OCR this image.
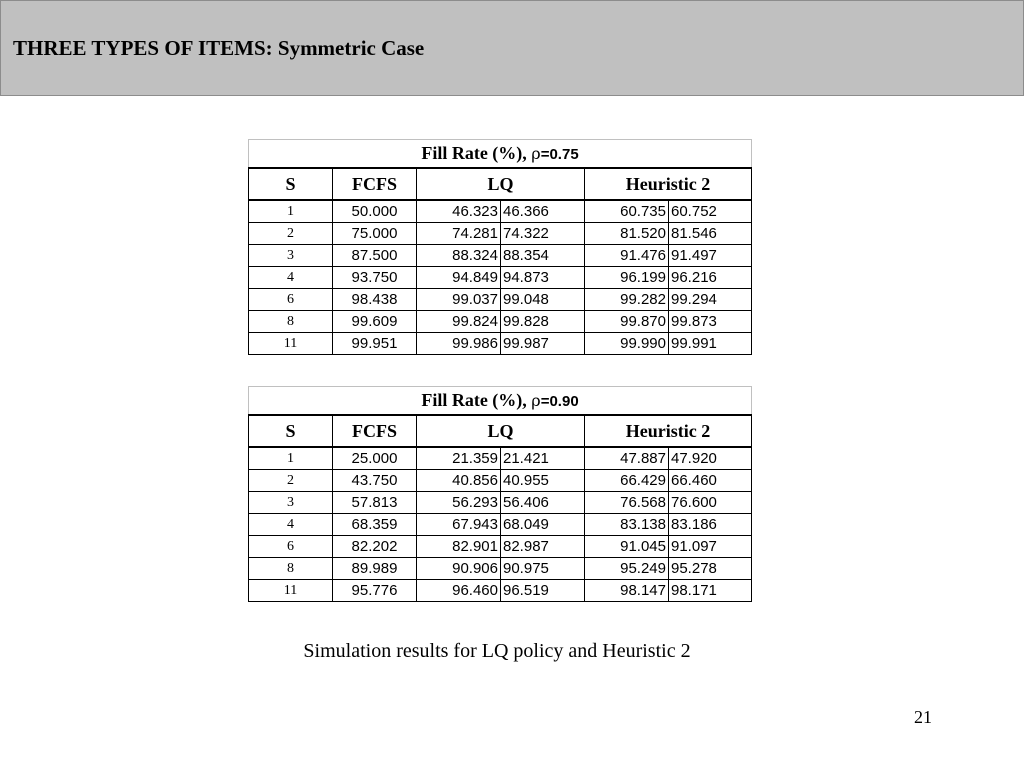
THREE TYPES OF ITEMS: Symmetric Case
Fill Rate (%), ρ=0.75					
S	FCFS	LQ		Heuristic 2	
1	50.000	46.323	46.366	60.735	60.752
2	75.000	74.281	74.322	81.520	81.546
3	87.500	88.324	88.354	91.476	91.497
4	93.750	94.849	94.873	96.199	96.216
6	98.438	99.037	99.048	99.282	99.294
8	99.609	99.824	99.828	99.870	99.873
11	99.951	99.986	99.987	99.990	99.991
Fill Rate (%), ρ=0.90					
S	FCFS	LQ		Heuristic 2	
1	25.000	21.359	21.421	47.887	47.920
2	43.750	40.856	40.955	66.429	66.460
3	57.813	56.293	56.406	76.568	76.600
4	68.359	67.943	68.049	83.138	83.186
6	82.202	82.901	82.987	91.045	91.097
8	89.989	90.906	90.975	95.249	95.278
11	95.776	96.460	96.519	98.147	98.171
Simulation results for LQ policy and Heuristic 2
21
